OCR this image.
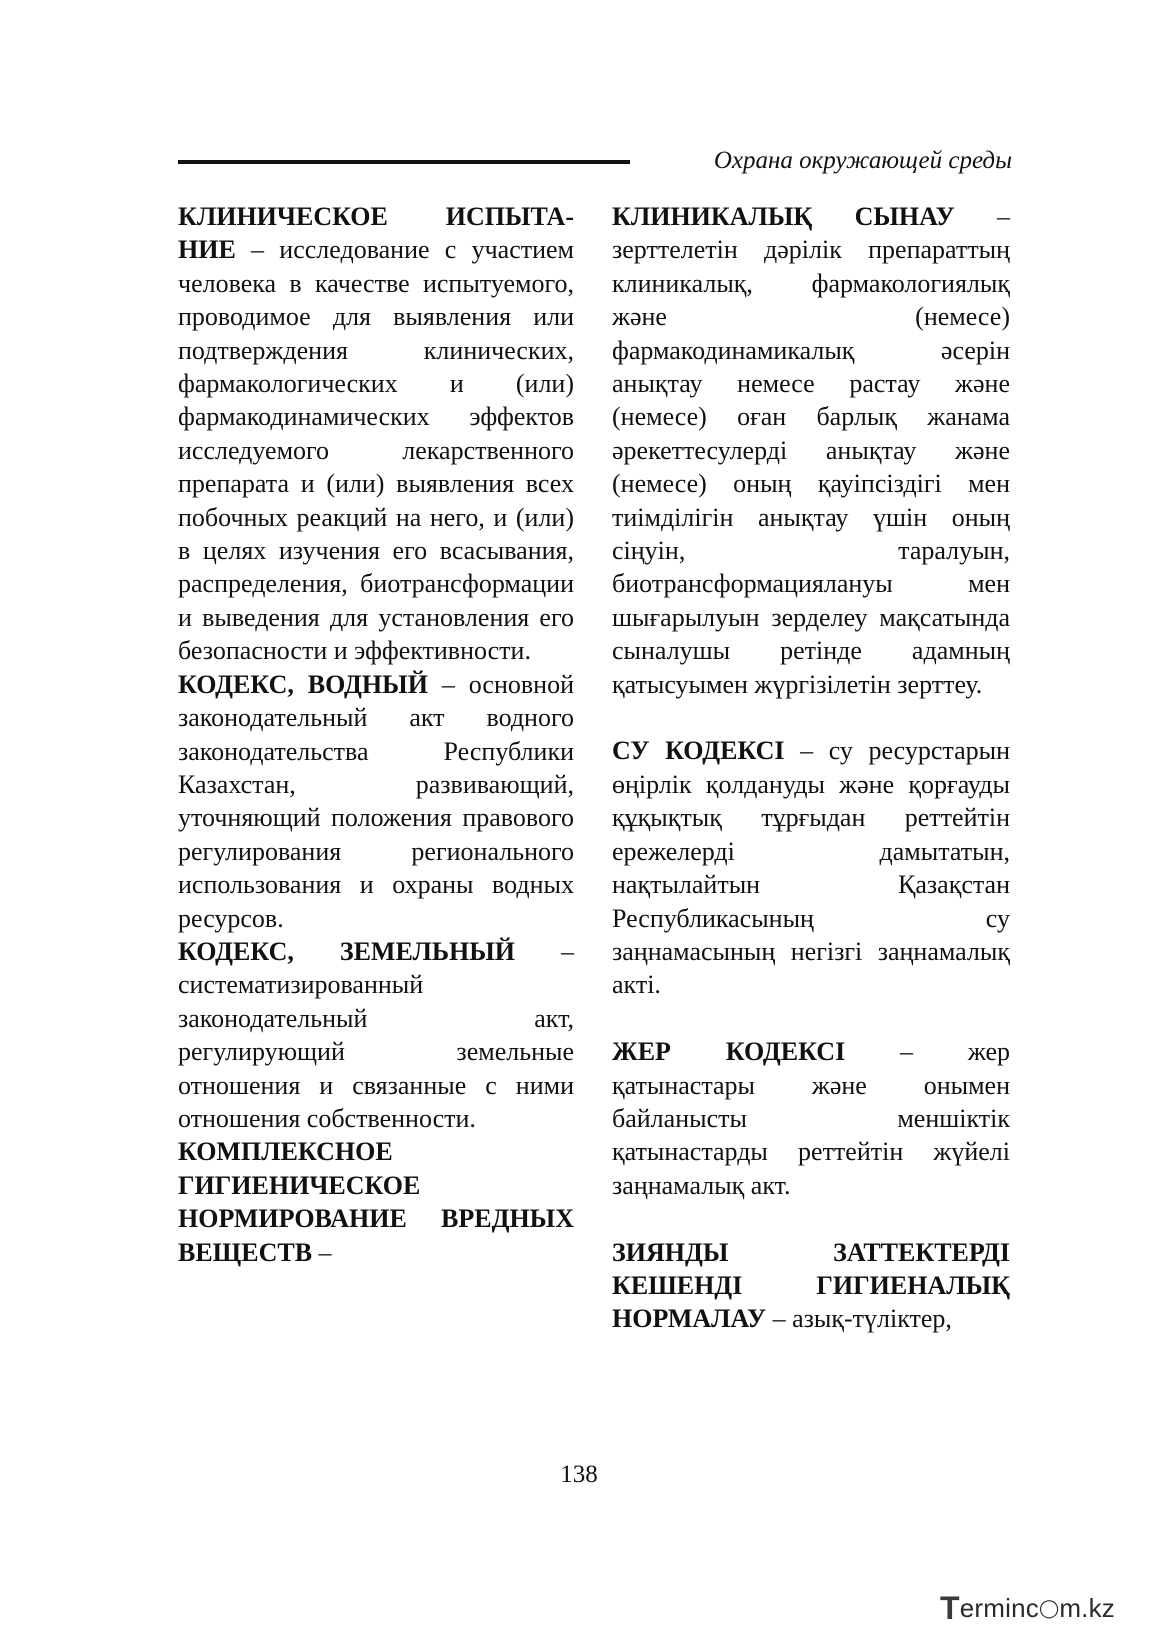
Охрана окружающей среды

КЛИНИЧЕСКОЕ ИСПЫТА-НИЕ – исследование с участием человека в качестве испытуемого, проводимое для выявления или подтверждения клинических, фармакологических и (или) фармакодинамических эффектов исследуемого лекарственного препарата и (или) выявления всех побочных реакций на него, и (или) в целях изучения его всасывания, распределения, биотрансформации и выведения для установления его безопасности и эффективности.

КОДЕКС, ВОДНЫЙ – основной законодательный акт водного законодательства Республики Казахстан, развивающий, уточняющий положения правового регулирования регионального использования и охраны водных ресурсов.

КОДЕКС, ЗЕМЕЛЬНЫЙ – систематизированный законодательный акт, регулирующий земельные отношения и связанные с ними отношения собственности.

КОМПЛЕКСНОЕ ГИГИЕНИЧЕСКОЕ НОРМИРОВАНИЕ ВРЕДНЫХ ВЕЩЕСТВ –

КЛИНИКАЛЫҚ СЫНАУ – зерттелетін дәрілік препараттың клиникалық, фармакологиялық және (немесе) фармакодинамикалық әсерін анықтау немесе растау және (немесе) оған барлық жанама әрекеттесулерді анықтау және (немесе) оның қауіпсіздігі мен тиімділігін анықтау үшін оның сіңуін, таралуын, биотрансформациялануы мен шығарылуын зерделеу мақсатында сыналушы ретінде адамның қатысуымен жүргізілетін зерттеу.

СУ КОДЕКСІ – су ресурстарын өңірлік қолдануды және қорғауды құқықтық тұрғыдан реттейтін ережелерді дамытатын, нақтылайтын Қазақстан Республикасының су заңнамасының негізгі заңнамалық акті.

ЖЕР КОДЕКСІ – жер қатынастары және онымен байланысты меншіктік қатынастарды реттейтін жүйелі заңнамалық акт.

ЗИЯНДЫ ЗАТТЕКТЕРДІ КЕШЕНДІ ГИГИЕНАЛЫҚ НОРМАЛАУ – азық-түліктер,

138
T erminc ◯ m.kz
